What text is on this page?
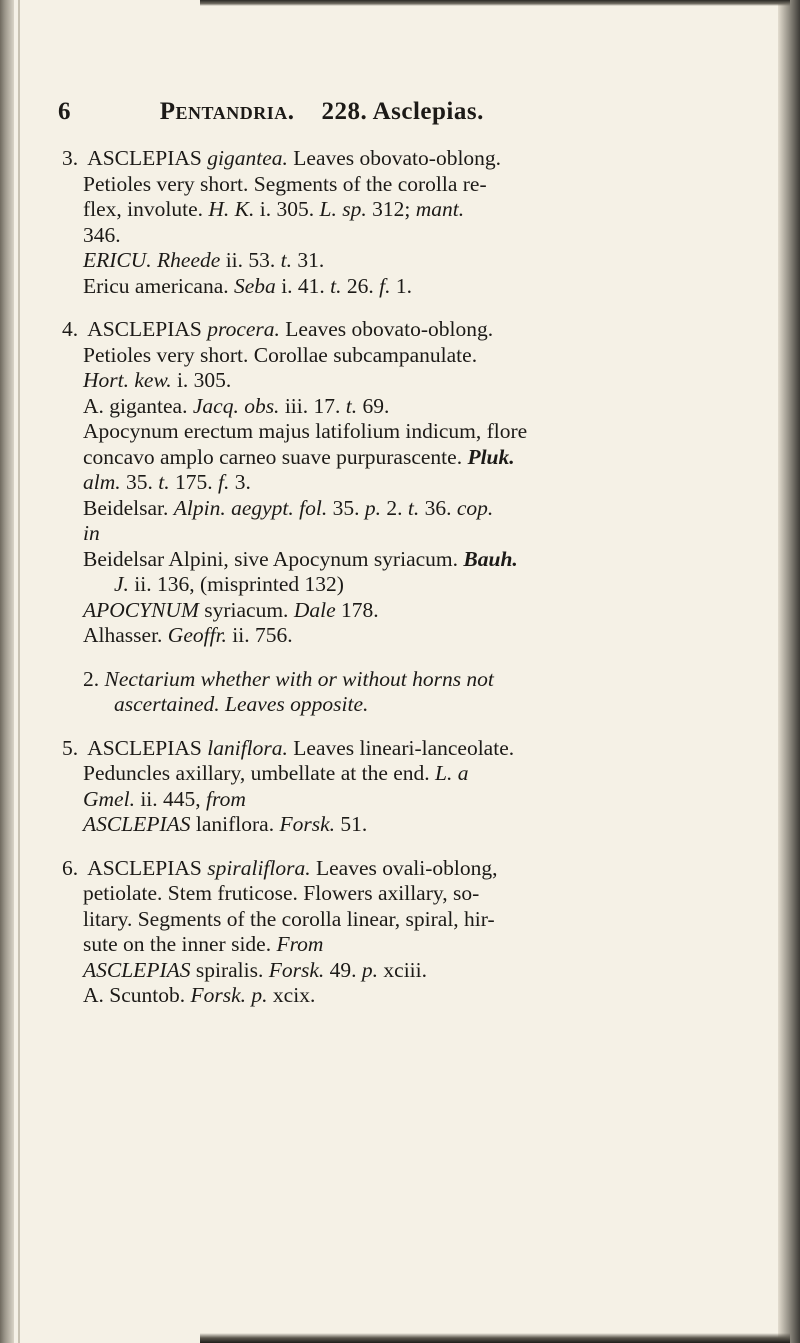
6	Pentandria. 228. Asclepias.
3. ASCLEPIAS gigantea. Leaves obovato-oblong.
Petioles very short. Segments of the corolla re-
flex, involute. H. K. i. 305. L. sp. 312; mant.
346.
ERICU. Rheede ii. 53. t. 31.
Ericu americana. Seba i. 41. t. 26. f. 1.
4. ASCLEPIAS procera. Leaves obovato-oblong.
Petioles very short. Corollae subcampanulate.
Hort. kew. i. 305.
A. gigantea. Jacq. obs. iii. 17. t. 69.
Apocynum erectum majus latifolium indicum, flore
concavo amplo carneo suave purpurascente. Pluk.
alm. 35. t. 175. f. 3.
Beidelsar. Alpin. aegypt. fol. 35. p. 2. t. 36. cop.
in
Beidelsar Alpini, sive Apocynum syriacum. Bauh.
J. ii. 136, (misprinted 132)
APOCYNUM syriacum. Dale 178.
Alhasser. Geoffr. ii. 756.
2. Nectarium whether with or without horns not
ascertained. Leaves opposite.
5. ASCLEPIAS laniflora. Leaves lineari-lanceolate.
Peduncles axillary, umbellate at the end. L. a
Gmel. ii. 445, from
ASCLEPIAS laniflora. Forsk. 51.
6. ASCLEPIAS spiraliflora. Leaves ovali-oblong,
petiolate. Stem fruticose. Flowers axillary, so-
litary. Segments of the corolla linear, spiral, hir-
sute on the inner side. From
ASCLEPIAS spiralis. Forsk. 49. p. xciii.
A. Scuntob. Forsk. p. xcix.
